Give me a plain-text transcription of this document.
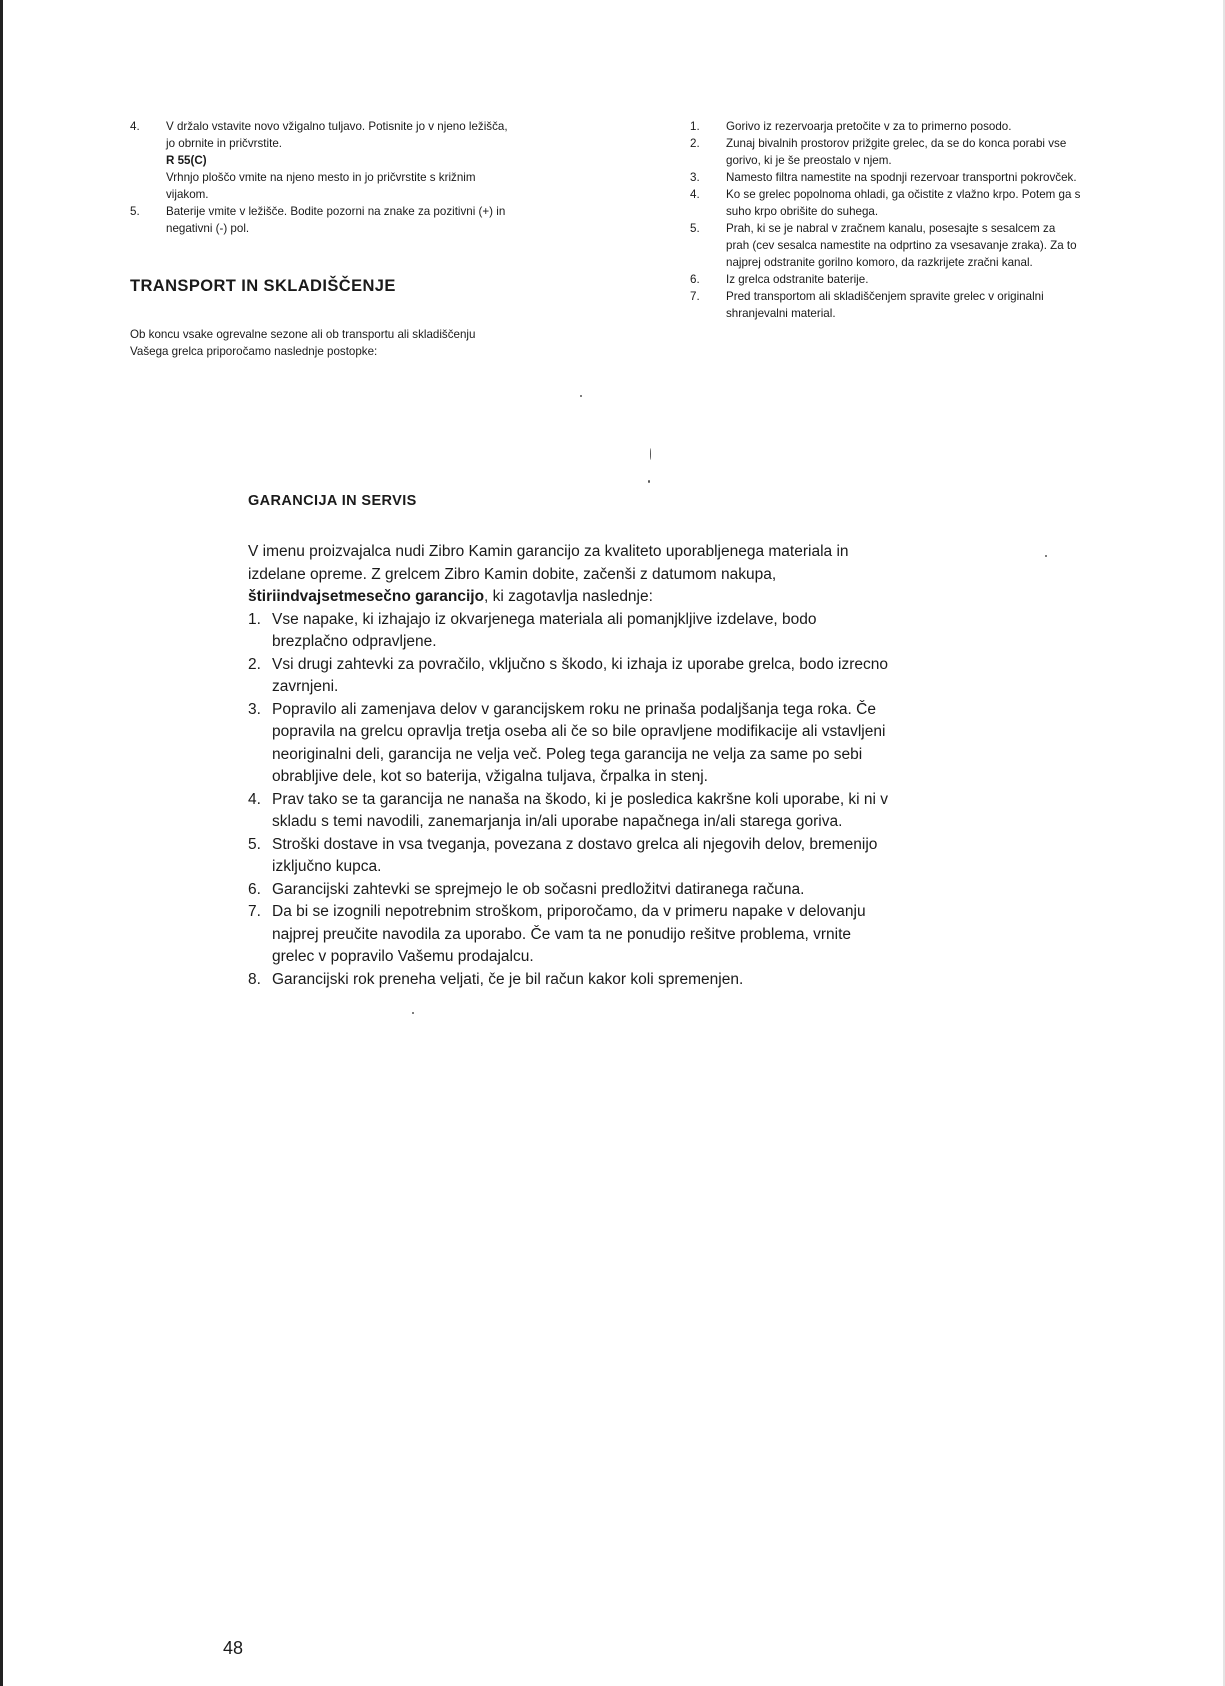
4. V držalo vstavite novo vžigalno tuljavo. Potisnite jo v njeno ležišča,
jo obrnite in pričvrstite.
R 55(C)
Vrhnjo ploščo vmite na njeno mesto in jo pričvrstite s križnim
vijakom.
5. Baterije vmite v ležišče. Bodite pozorni na znake za pozitivni (+) in
negativni (-) pol.
TRANSPORT IN SKLADIŠČENJE
Ob koncu vsake ogrevalne sezone ali ob transportu ali skladiščenju
Vašega grelca priporočamo naslednje postopke:
1. Gorivo iz rezervoarja pretočite v za to primerno posodo.
2. Zunaj bivalnih prostorov prižgite grelec, da se do konca porabi vse
gorivo, ki je še preostalo v njem.
3. Namesto filtra namestite na spodnji rezervoar transportni pokrovček.
4. Ko se grelec popolnoma ohladi, ga očistite z vlažno krpo. Potem ga s
suho krpo obrišite do suhega.
5. Prah, ki se je nabral v zračnem kanalu, posesajte s sesalcem za
prah (cev sesalca namestite na odprtino za vsesavanje zraka). Za to
najprej odstranite gorilno komoro, da razkrijete zračni kanal.
6. Iz grelca odstranite baterije.
7. Pred transportom ali skladiščenjem spravite grelec v originalni
shranjevalni material.
GARANCIJA IN SERVIS

V imenu proizvajalca nudi Zibro Kamin garancijo za kvaliteto uporabljenega materiala in
izdelane opreme. Z grelcem Zibro Kamin dobite, začenši z datumom nakupa,
štiriindvajsetmesečno garancijo, ki zagotavlja naslednje:

1. Vse napake, ki izhajajo iz okvarjenega materiala ali pomanjkljive izdelave, bodo
brezplačno odpravljene.
2. Vsi drugi zahtevki za povračilo, vključno s škodo, ki izhaja iz uporabe grelca, bodo izrecno
zavrnjeni.
3. Popravilo ali zamenjava delov v garancijskem roku ne prinaša podaljšanja tega roka. Če
popravila na grelcu opravlja tretja oseba ali če so bile opravljene modifikacije ali vstavljeni
neoriginalni deli, garancija ne velja več. Poleg tega garancija ne velja za same po sebi
obrabljive dele, kot so baterija, vžigalna tuljava, črpalka in stenj.
4. Prav tako se ta garancija ne nanaša na škodo, ki je posledica kakršne koli uporabe, ki ni v
skladu s temi navodili, zanemarjanja in/ali uporabe napačnega in/ali starega goriva.
5. Stroški dostave in vsa tveganja, povezana z dostavo grelca ali njegovih delov, bremenijo
izključno kupca.
6. Garancijski zahtevki se sprejmejo le ob sočasni predložitvi datiranega računa.
7. Da bi se izognili nepotrebnim stroškom, priporočamo, da v primeru napake v delovanju
najprej preučite navodila za uporabo. Če vam ta ne ponudijo rešitve problema, vrnite
grelec v popravilo Vašemu prodajalcu.
8. Garancijski rok preneha veljati, če je bil račun kakor koli spremenjen.
48
